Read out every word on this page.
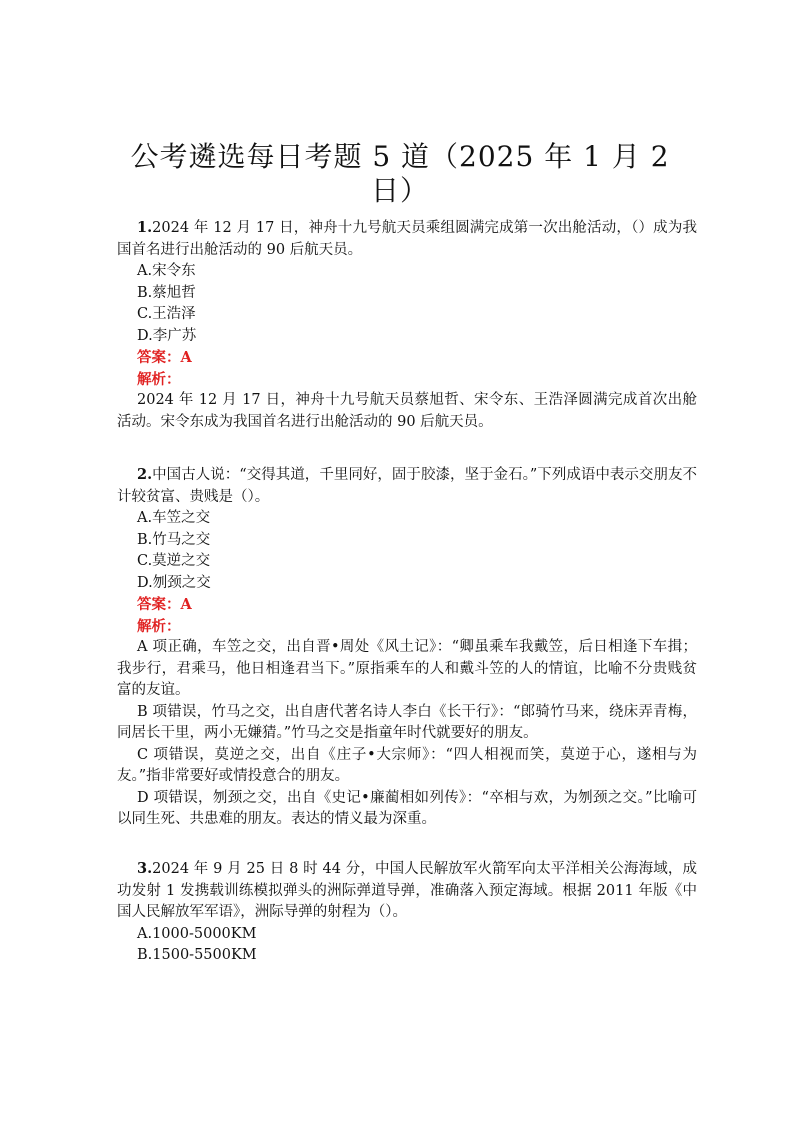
公考遴选每日考题 5 道（2025 年 1 月 2 日）

1.2024 年 12 月 17 日，神舟十九号航天员乘组圆满完成第一次出舱活动，（）成为我国首名进行出舱活动的 90 后航天员。

A.宋令东

B.蔡旭哲

C.王浩泽

D.李广苏

答案：A

解析：

2024 年 12 月 17 日，神舟十九号航天员蔡旭哲、宋令东、王浩泽圆满完成首次出舱活动。宋令东成为我国首名进行出舱活动的 90 后航天员。

2.中国古人说：“交得其道，千里同好，固于胶漆，坚于金石。”下列成语中表示交朋友不计较贫富、贵贱是（）。

A.车笠之交

B.竹马之交

C.莫逆之交

D.刎颈之交

答案：A

解析：

A 项正确，车笠之交，出自晋•周处《风土记》：“卿虽乘车我戴笠，后日相逢下车揖；我步行，君乘马，他日相逢君当下。”原指乘车的人和戴斗笠的人的情谊，比喻不分贵贱贫富的友谊。

B 项错误，竹马之交，出自唐代著名诗人李白《长干行》：“郎骑竹马来，绕床弄青梅，同居长干里，两小无嫌猜。”竹马之交是指童年时代就要好的朋友。

C 项错误，莫逆之交，出自《庄子•大宗师》：“四人相视而笑，莫逆于心，遂相与为友。”指非常要好或情投意合的朋友。

D 项错误，刎颈之交，出自《史记•廉蔺相如列传》：“卒相与欢，为刎颈之交。”比喻可以同生死、共患难的朋友。表达的情义最为深重。

3.2024 年 9 月 25 日 8 时 44 分，中国人民解放军火箭军向太平洋相关公海海域，成功发射 1 发携载训练模拟弹头的洲际弹道导弹，准确落入预定海域。根据 2011 年版《中国人民解放军军语》，洲际导弹的射程为（）。

A.1000-5000KM

B.1500-5500KM
